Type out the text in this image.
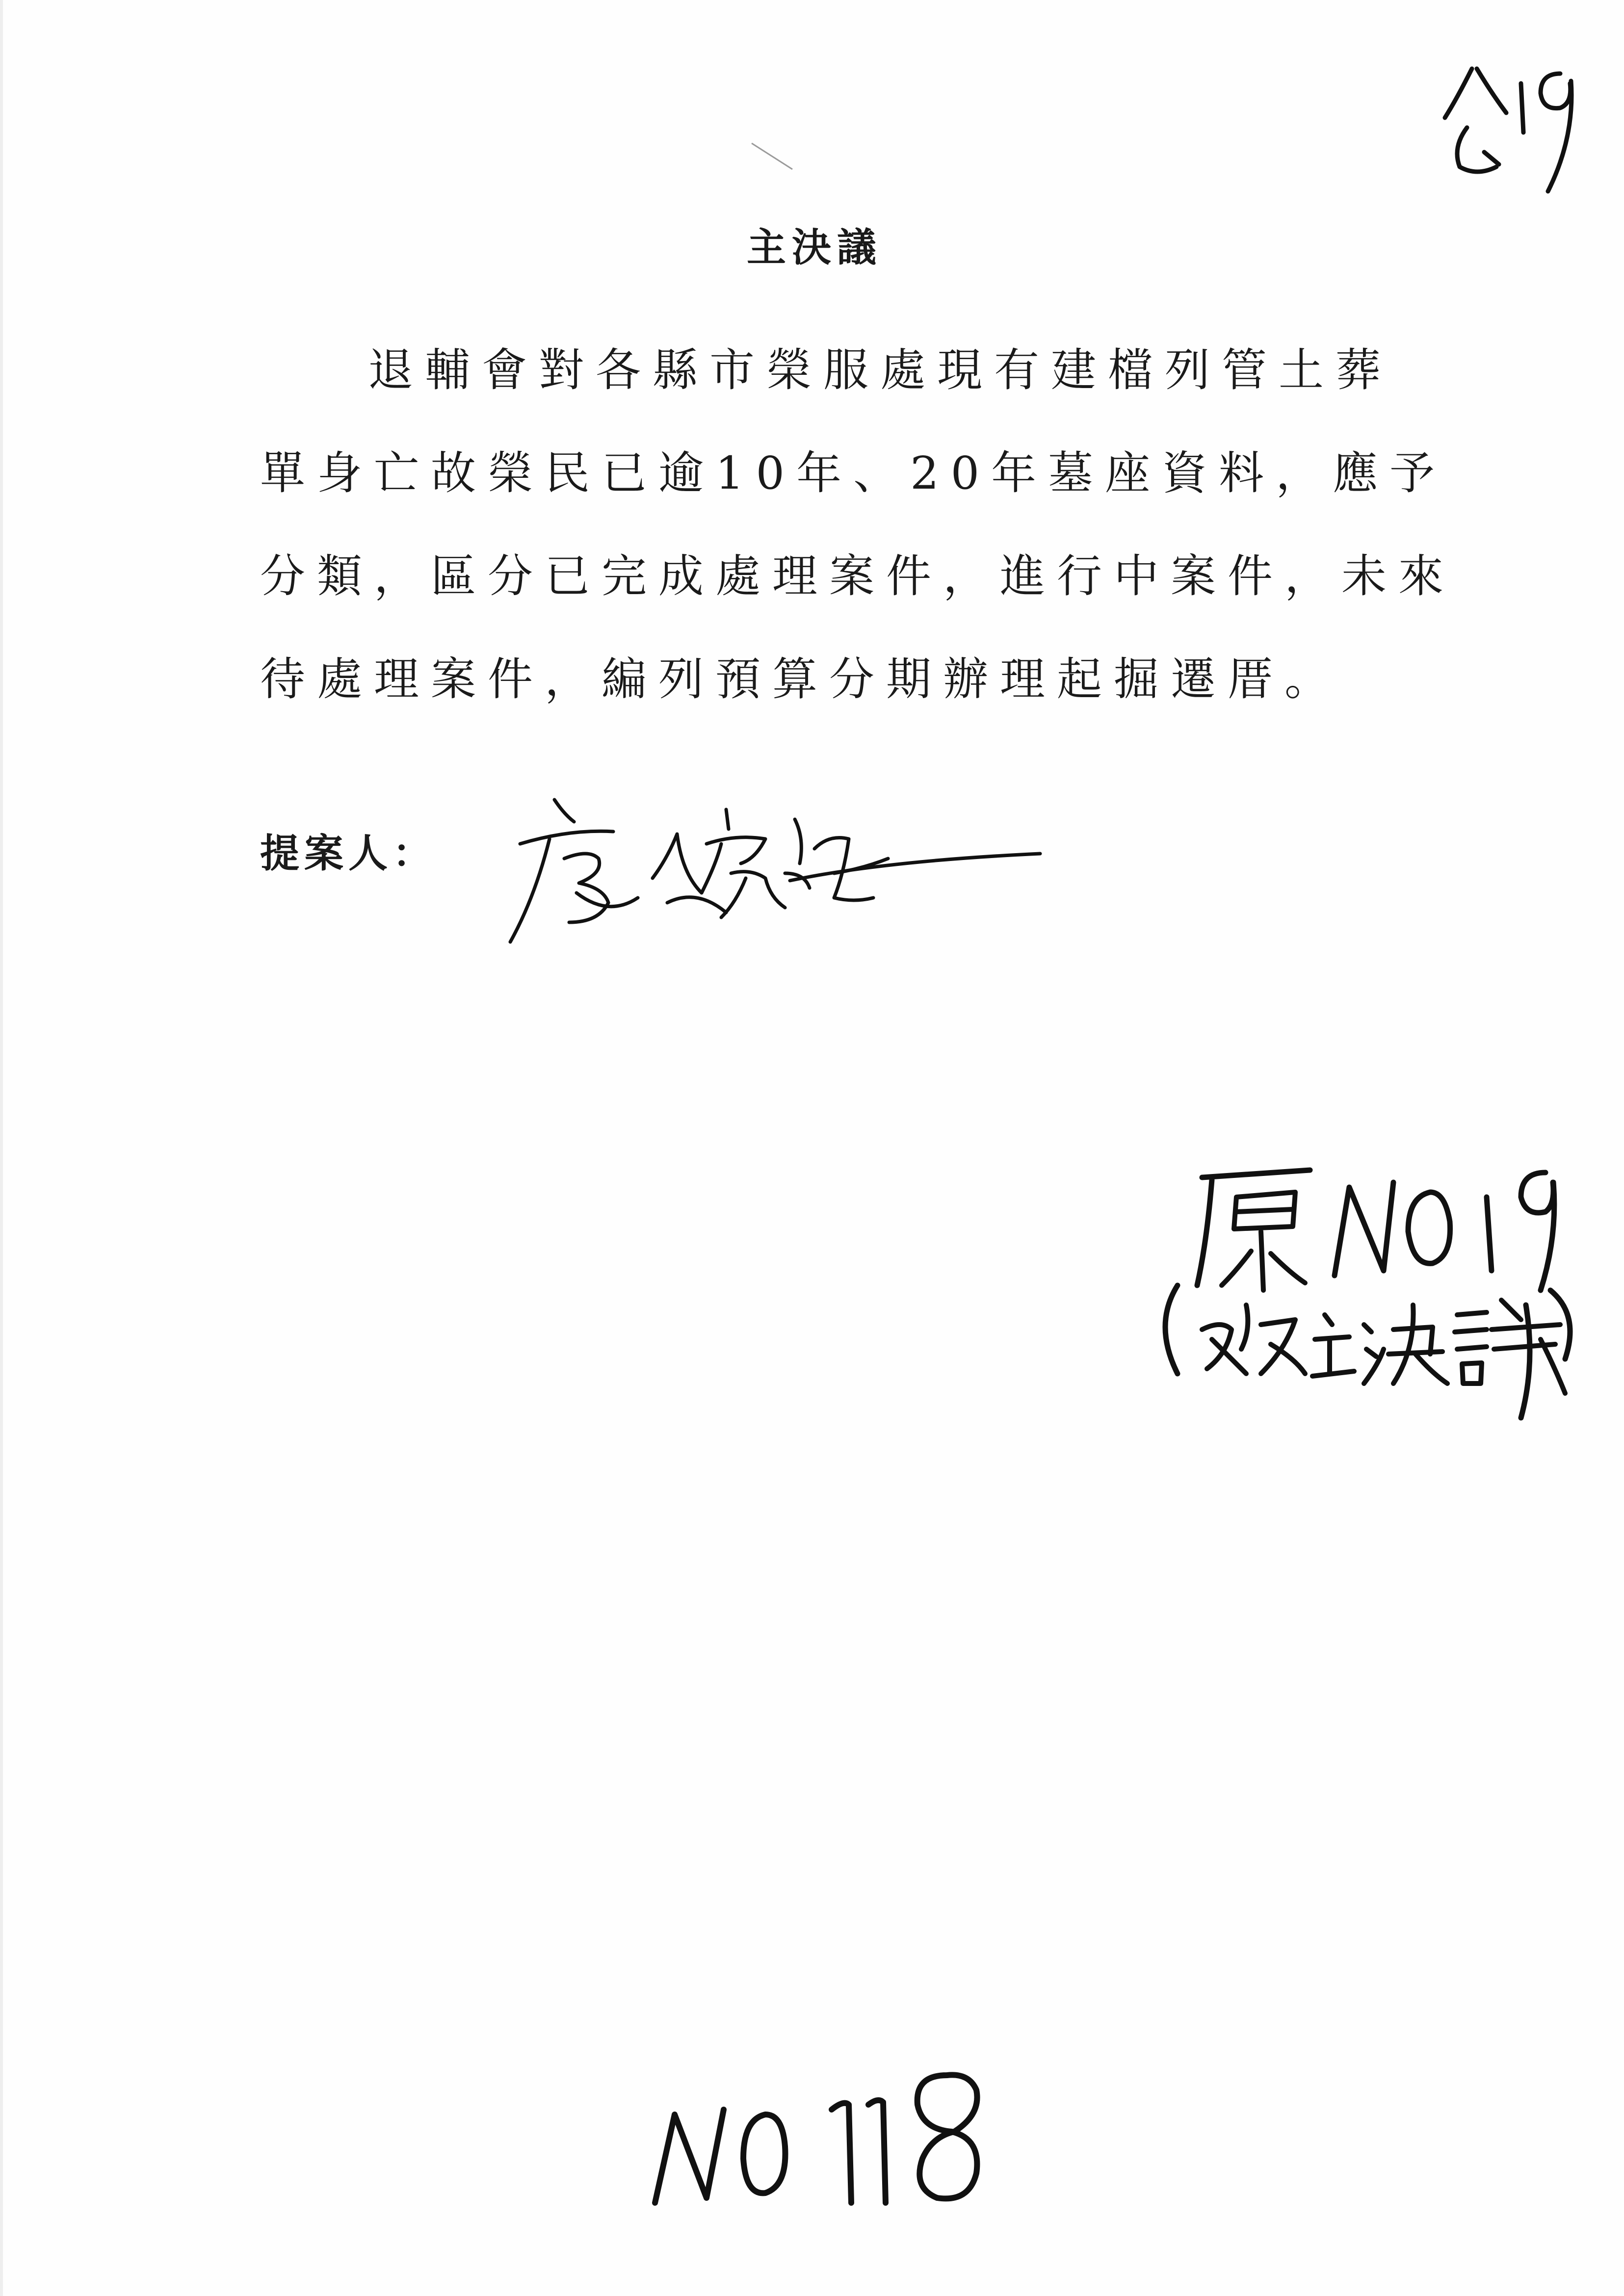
主決議
退輔會對各縣市榮服處現有建檔列管土葬
單身亡故榮民已逾10年、20年墓座資料，應予
分類，區分已完成處理案件，進行中案件，未來
待處理案件，編列預算分期辦理起掘遷厝。
提案人：
